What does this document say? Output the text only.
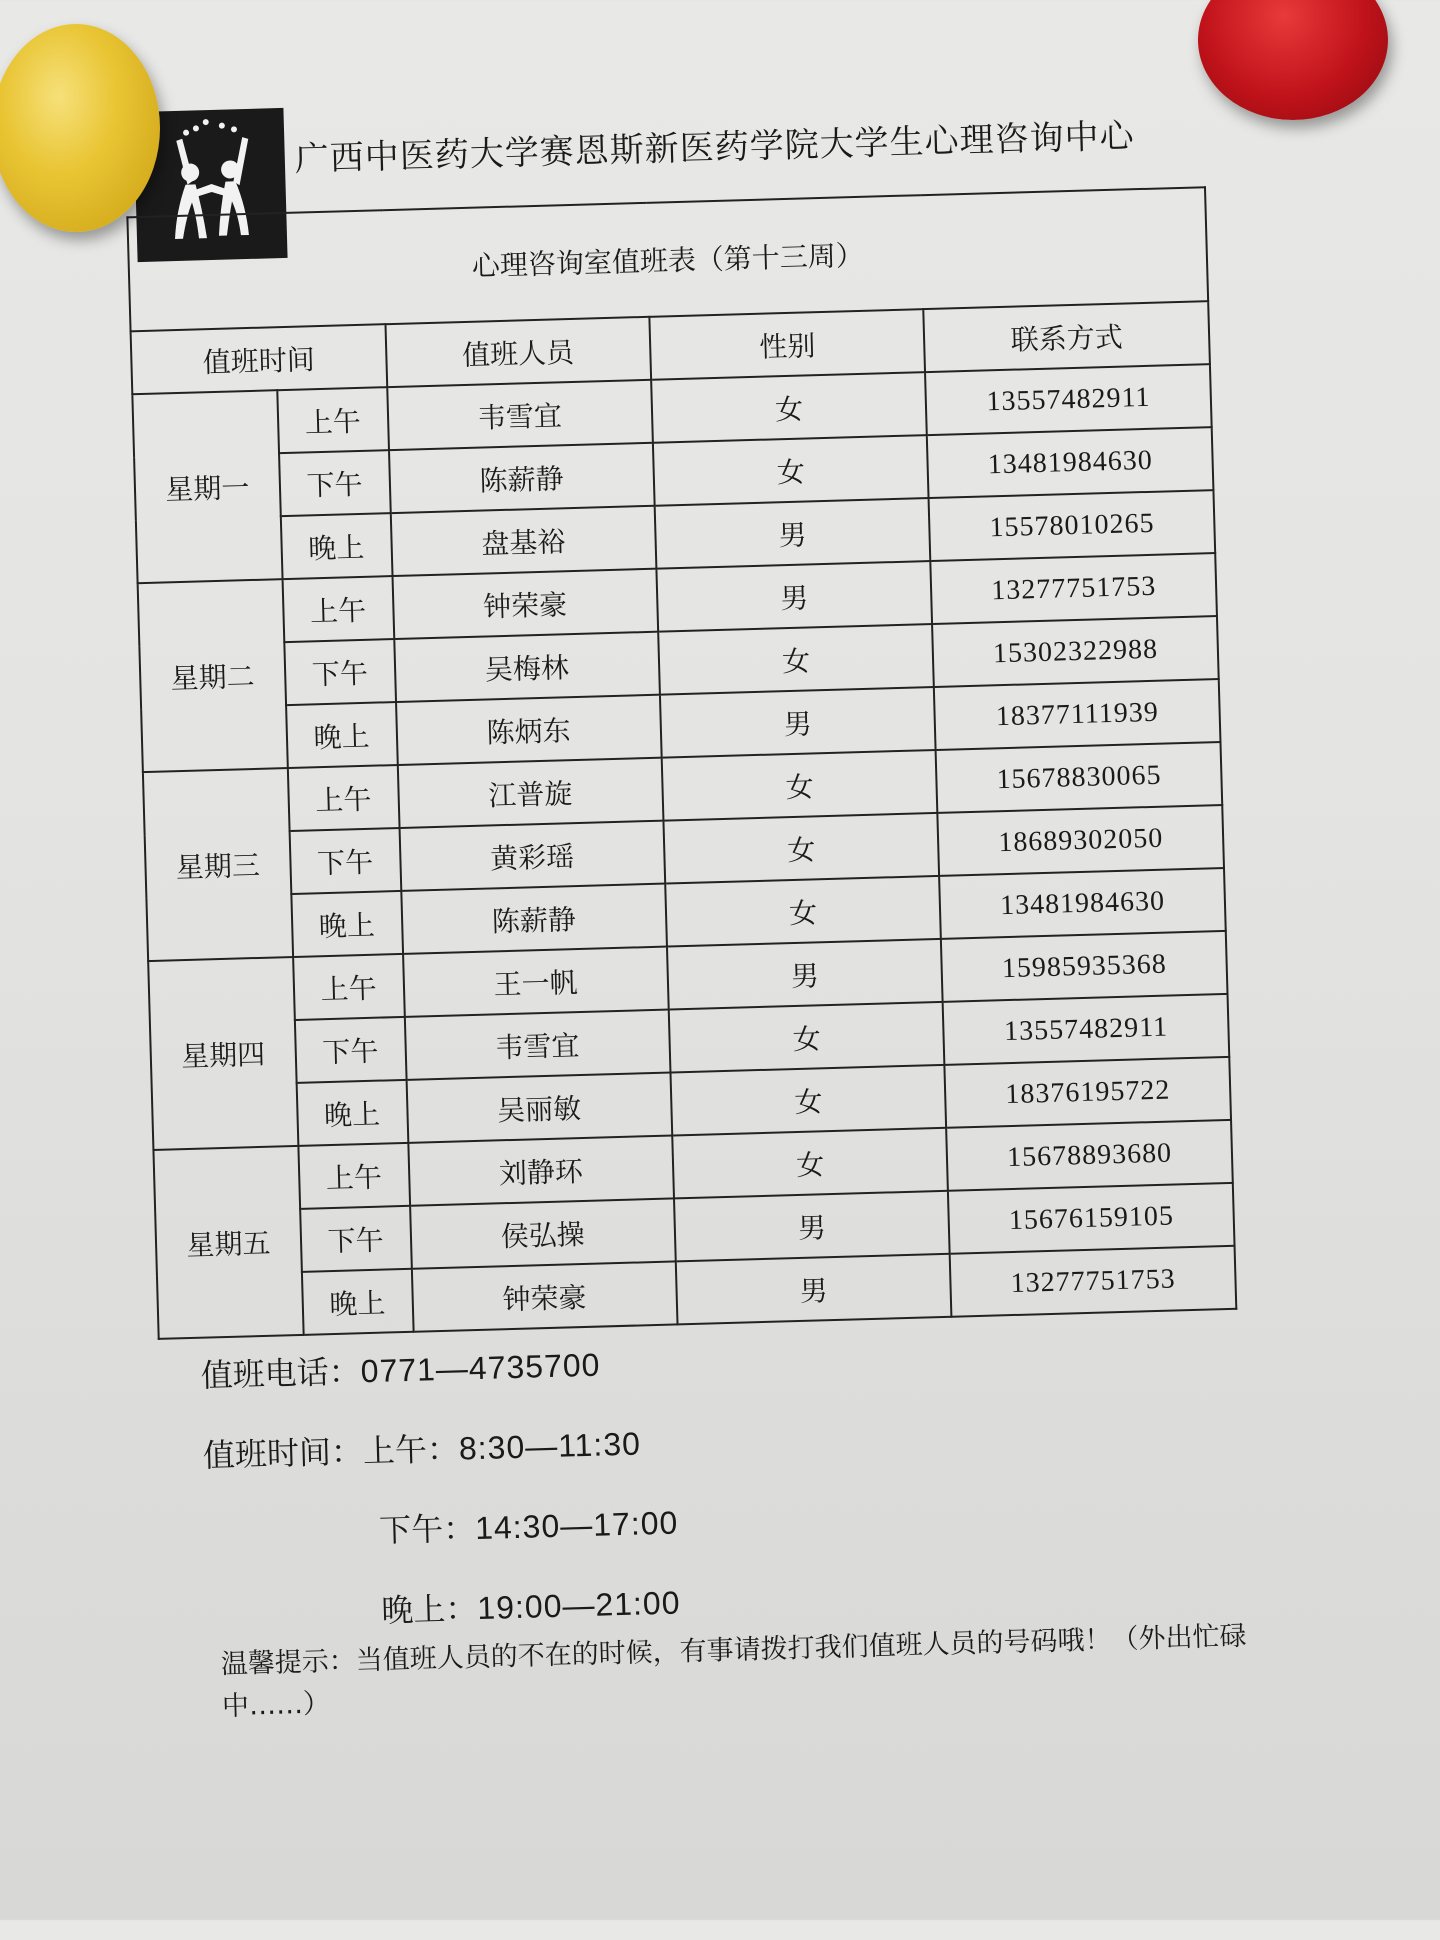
广西中医药大学赛恩斯新医药学院大学生心理咨询中心
心理咨询室值班表（第十三周）				
值班时间		值班人员	性别	联系方式
星期一	上午	韦雪宜	女	13557482911
	下午	陈薪静	女	13481984630
	晚上	盘基裕	男	15578010265
星期二	上午	钟荣豪	男	13277751753
	下午	吴梅林	女	15302322988
	晚上	陈炳东	男	18377111939
星期三	上午	江普旋	女	15678830065
	下午	黄彩瑶	女	18689302050
	晚上	陈薪静	女	13481984630
星期四	上午	王一帆	男	15985935368
	下午	韦雪宜	女	13557482911
	晚上	吴丽敏	女	18376195722
星期五	上午	刘静环	女	15678893680
	下午	侯弘操	男	15676159105
	晚上	钟荣豪	男	13277751753
值班电话：0771—4735700
值班时间：上午：8:30—11:30
下午：14:30—17:00
晚上：19:00—21:00
温馨提示：当值班人员的不在的时候，有事请拨打我们值班人员的号码哦！（外出忙碌中……）
